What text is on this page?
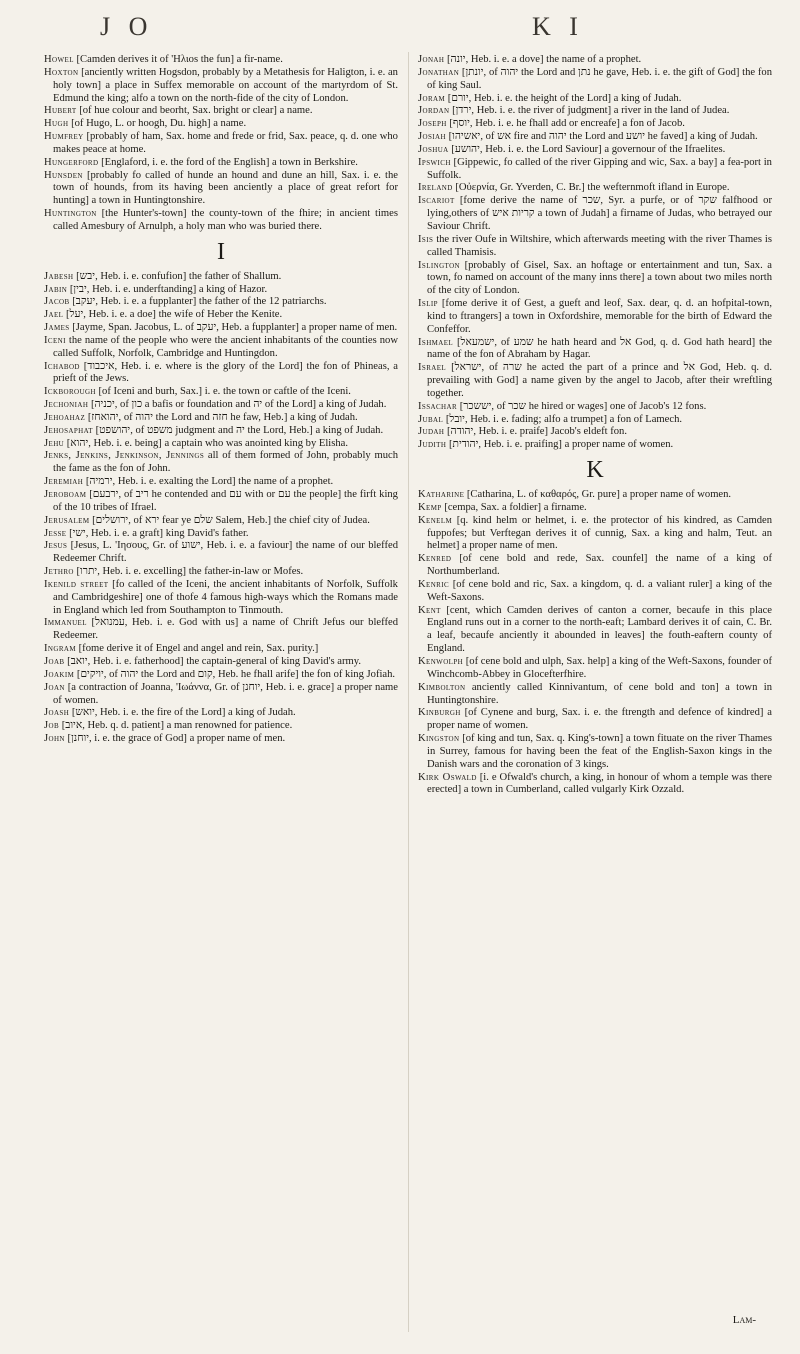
J O	K I

Howel [Camden derives it of 'Hλιos the fun] a fir-name.

Hoxton [anciently written Hogsdon, probably by a Metathesis for Haligton, i. e. an holy town] a place in Suffex memorable on account of the martyrdom of St. Edmund the king; alfo a town on the north-fide of the city of London.

Hubert [of hue colour and beorht, Sax. bright or clear] a name.

Hugh [of Hugo, L. or hoogh, Du. high] a name.

Humfrey [probably of ham, Sax. home and frede or frid, Sax. peace, q. d. one who makes peace at home.

Hungerford [Englaford, i. e. the ford of the English] a town in Berkshire.

Hunsden [probably fo called of hunde an hound and dune an hill, Sax. i. e. the town of hounds, from its having been anciently a place of great refort for hunting] a town in Huntingtonshire.

Huntington [the Hunter's-town] the county-town of the fhire; in ancient times called Amesbury of Arnulph, a holy man who was buried there.

I

Jabesh [יבש, Heb. i. e. confufion] the father of Shallum.

Jabin [יבין, Heb. i. e. underftanding] a king of Hazor.

Jacob [יעקב, Heb. i. e. a fupplanter] the father of the 12 patriarchs.

Jael [יעל, Heb. i. e. a doe] the wife of Heber the Kenite.

James [Jayme, Span. Jacobus, L. of יעקב, Heb. a fupplanter] a proper name of men.

Iceni the name of the people who were the ancient inhabitants of the counties now called Suffolk, Norfolk, Cambridge and Huntingdon.

Ichabod [איכבוד, Heb. i. e. where is the glory of the Lord] the fon of Phineas, a prieft of the Jews.

Ickborough [of Iceni and burh, Sax.] i. e. the town or caftle of the Iceni.

Jechoniah [יכניה, of כון a bafis or foundation and יה of the Lord] a king of Judah.

Jehoahaz [יהואחז, of יהוה the Lord and חזה he faw, Heb.] a king of Judah.

Jehosaphat [יהושפט, of משפט judgment and יה the Lord, Heb.] a king of Judah.

Jehu [יהוא, Heb. i. e. being] a captain who was anointed king by Elisha.

Jenks, Jenkins, Jenkinson, Jennings all of them formed of John, probably much the fame as the fon of John.

Jeremiah [ירמיה, Heb. i. e. exalting the Lord] the name of a prophet.

Jeroboam [ירבעם, of ריב he contended and עם with or עם the people] the firft king of the 10 tribes of Ifrael.

Jerusalem [ירושלים, of ירא fear ye שלם Salem, Heb.] the chief city of Judea.

Jesse [ישי, Heb. i. e. a graft] king David's father.

Jesus [Jesus, L. 'Ιησους, Gr. of ישוע, Heb. i. e. a faviour] the name of our bleffed Redeemer Chrift.

Jethro [יתרו, Heb. i. e. excelling] the father-in-law or Mofes.

Ikenild street [fo called of the Iceni, the ancient inhabitants of Norfolk, Suffolk and Cambridgeshire] one of thofe 4 famous high-ways which the Romans made in England which led from Southampton to Tinmouth.

Immanuel [עמנואל, Heb. i. e. God with us] a name of Chrift Jefus our bleffed Redeemer.

Ingram [fome derive it of Engel and angel and rein, Sax. purity.]

Joab [יואב, Heb. i. e. fatherhood] the captain-general of king David's army.

Joakim [יויקים, of יהוה the Lord and קום, Heb. he fhall arife] the fon of king Jofiah.

Joan [a contraction of Joanna, 'Ιωάννα, Gr. of יוחנן, Heb. i. e. grace] a proper name of women.

Joash [יואש, Heb. i. e. the fire of the Lord] a king of Judah.

Job [איוב, Heb. q. d. patient] a man renowned for patience.

John [יוחנן, i. e. the grace of God] a proper name of men.

Jonah [יונה, Heb. i. e. a dove] the name of a prophet.

Jonathan [יונתן, of יהוה the Lord and נתן he gave, Heb. i. e. the gift of God] the fon of king Saul.

Joram [יורם, Heb. i. e. the height of the Lord] a king of Judah.

Jordan [ירדן, Heb. i. e. the river of judgment] a river in the land of Judea.

Joseph [יוסף, Heb. i. e. he fhall add or encreafe] a fon of Jacob.

Josiah [יאשיהו, of אש fire and יהוה the Lord and יושע he faved] a king of Judah.

Joshua [יהושע, Heb. i. e. the Lord Saviour] a governour of the Ifraelites.

Ipswich [Gippewic, fo called of the river Gipping and wic, Sax. a bay] a fea-port in Suffolk.

Ireland [Οὐερνία, Gr. Yverden, C. Br.] the wefternmoft ifland in Europe.

Iscariot [fome derive the name of שכר, Syr. a purfe, or of שקר falfhood or lying,others of קריות איש a town of Judah] a firname of Judas, who betrayed our Saviour Chrift.

Isis the river Oufe in Wiltshire, which afterwards meeting with the river Thames is called Thamisis.

Islington [probably of Gisel, Sax. an hoftage or entertainment and tun, Sax. a town, fo named on account of the many inns there] a town about two miles north of the city of London.

Islip [fome derive it of Gest, a gueft and leof, Sax. dear, q. d. an hofpital-town, kind to ftrangers] a town in Oxfordshire, memorable for the birth of Edward the Confeffor.

Ishmael [ישמעאל, of שמע he hath heard and אל God, q. d. God hath heard] the name of the fon of Abraham by Hagar.

Israel [ישראל, of שרה he acted the part of a prince and אל God, Heb. q. d. prevailing with God] a name given by the angel to Jacob, after their wreftling together.

Issachar [יששכר, of שכר he hired or wages] one of Jacob's 12 fons.

Jubal [יובל, Heb. i. e. fading; alfo a trumpet] a fon of Lamech.

Judah [יהודה, Heb. i. e. praife] Jacob's eldeft fon.

Judith [יהודית, Heb. i. e. praifing] a proper name of women.

K

Katharine [Catharina, L. of καθαρός, Gr. pure] a proper name of women.

Kemp [cempa, Sax. a foldier] a firname.

Kenelm [q. kind helm or helmet, i. e. the protector of his kindred, as Camden fuppofes; but Verftegan derives it of cunnig, Sax. a king and halm, Teut. an helmet] a proper name of men.

Kenred [of cene bold and rede, Sax. counfel] the name of a king of Northumberland.

Kenric [of cene bold and ric, Sax. a kingdom, q. d. a valiant ruler] a king of the Weft-Saxons.

Kent [cent, which Camden derives of canton a corner, becaufe in this place England runs out in a corner to the north-eaft; Lambard derives it of cain, C. Br. a leaf, becaufe anciently it abounded in leaves] the fouth-eaftern county of England.

Kenwolph [of cene bold and ulph, Sax. help] a king of the Weft-Saxons, founder of Winchcomb-Abbey in Glocefterfhire.

Kimbolton anciently called Kinnivantum, of cene bold and ton] a town in Huntingtonshire.

Kinburgh [of Cynene and burg, Sax. i. e. the ftrength and defence of kindred] a proper name of women.

Kingston [of king and tun, Sax. q. King's-town] a town fituate on the river Thames in Surrey, famous for having been the feat of the English-Saxon kings in the Danish wars and the coronation of 3 kings.

Kirk Oswald [i. e Ofwald's church, a king, in honour of whom a temple was there erected] a town in Cumberland, called vulgarly Kirk Ozzald.

Lam-
